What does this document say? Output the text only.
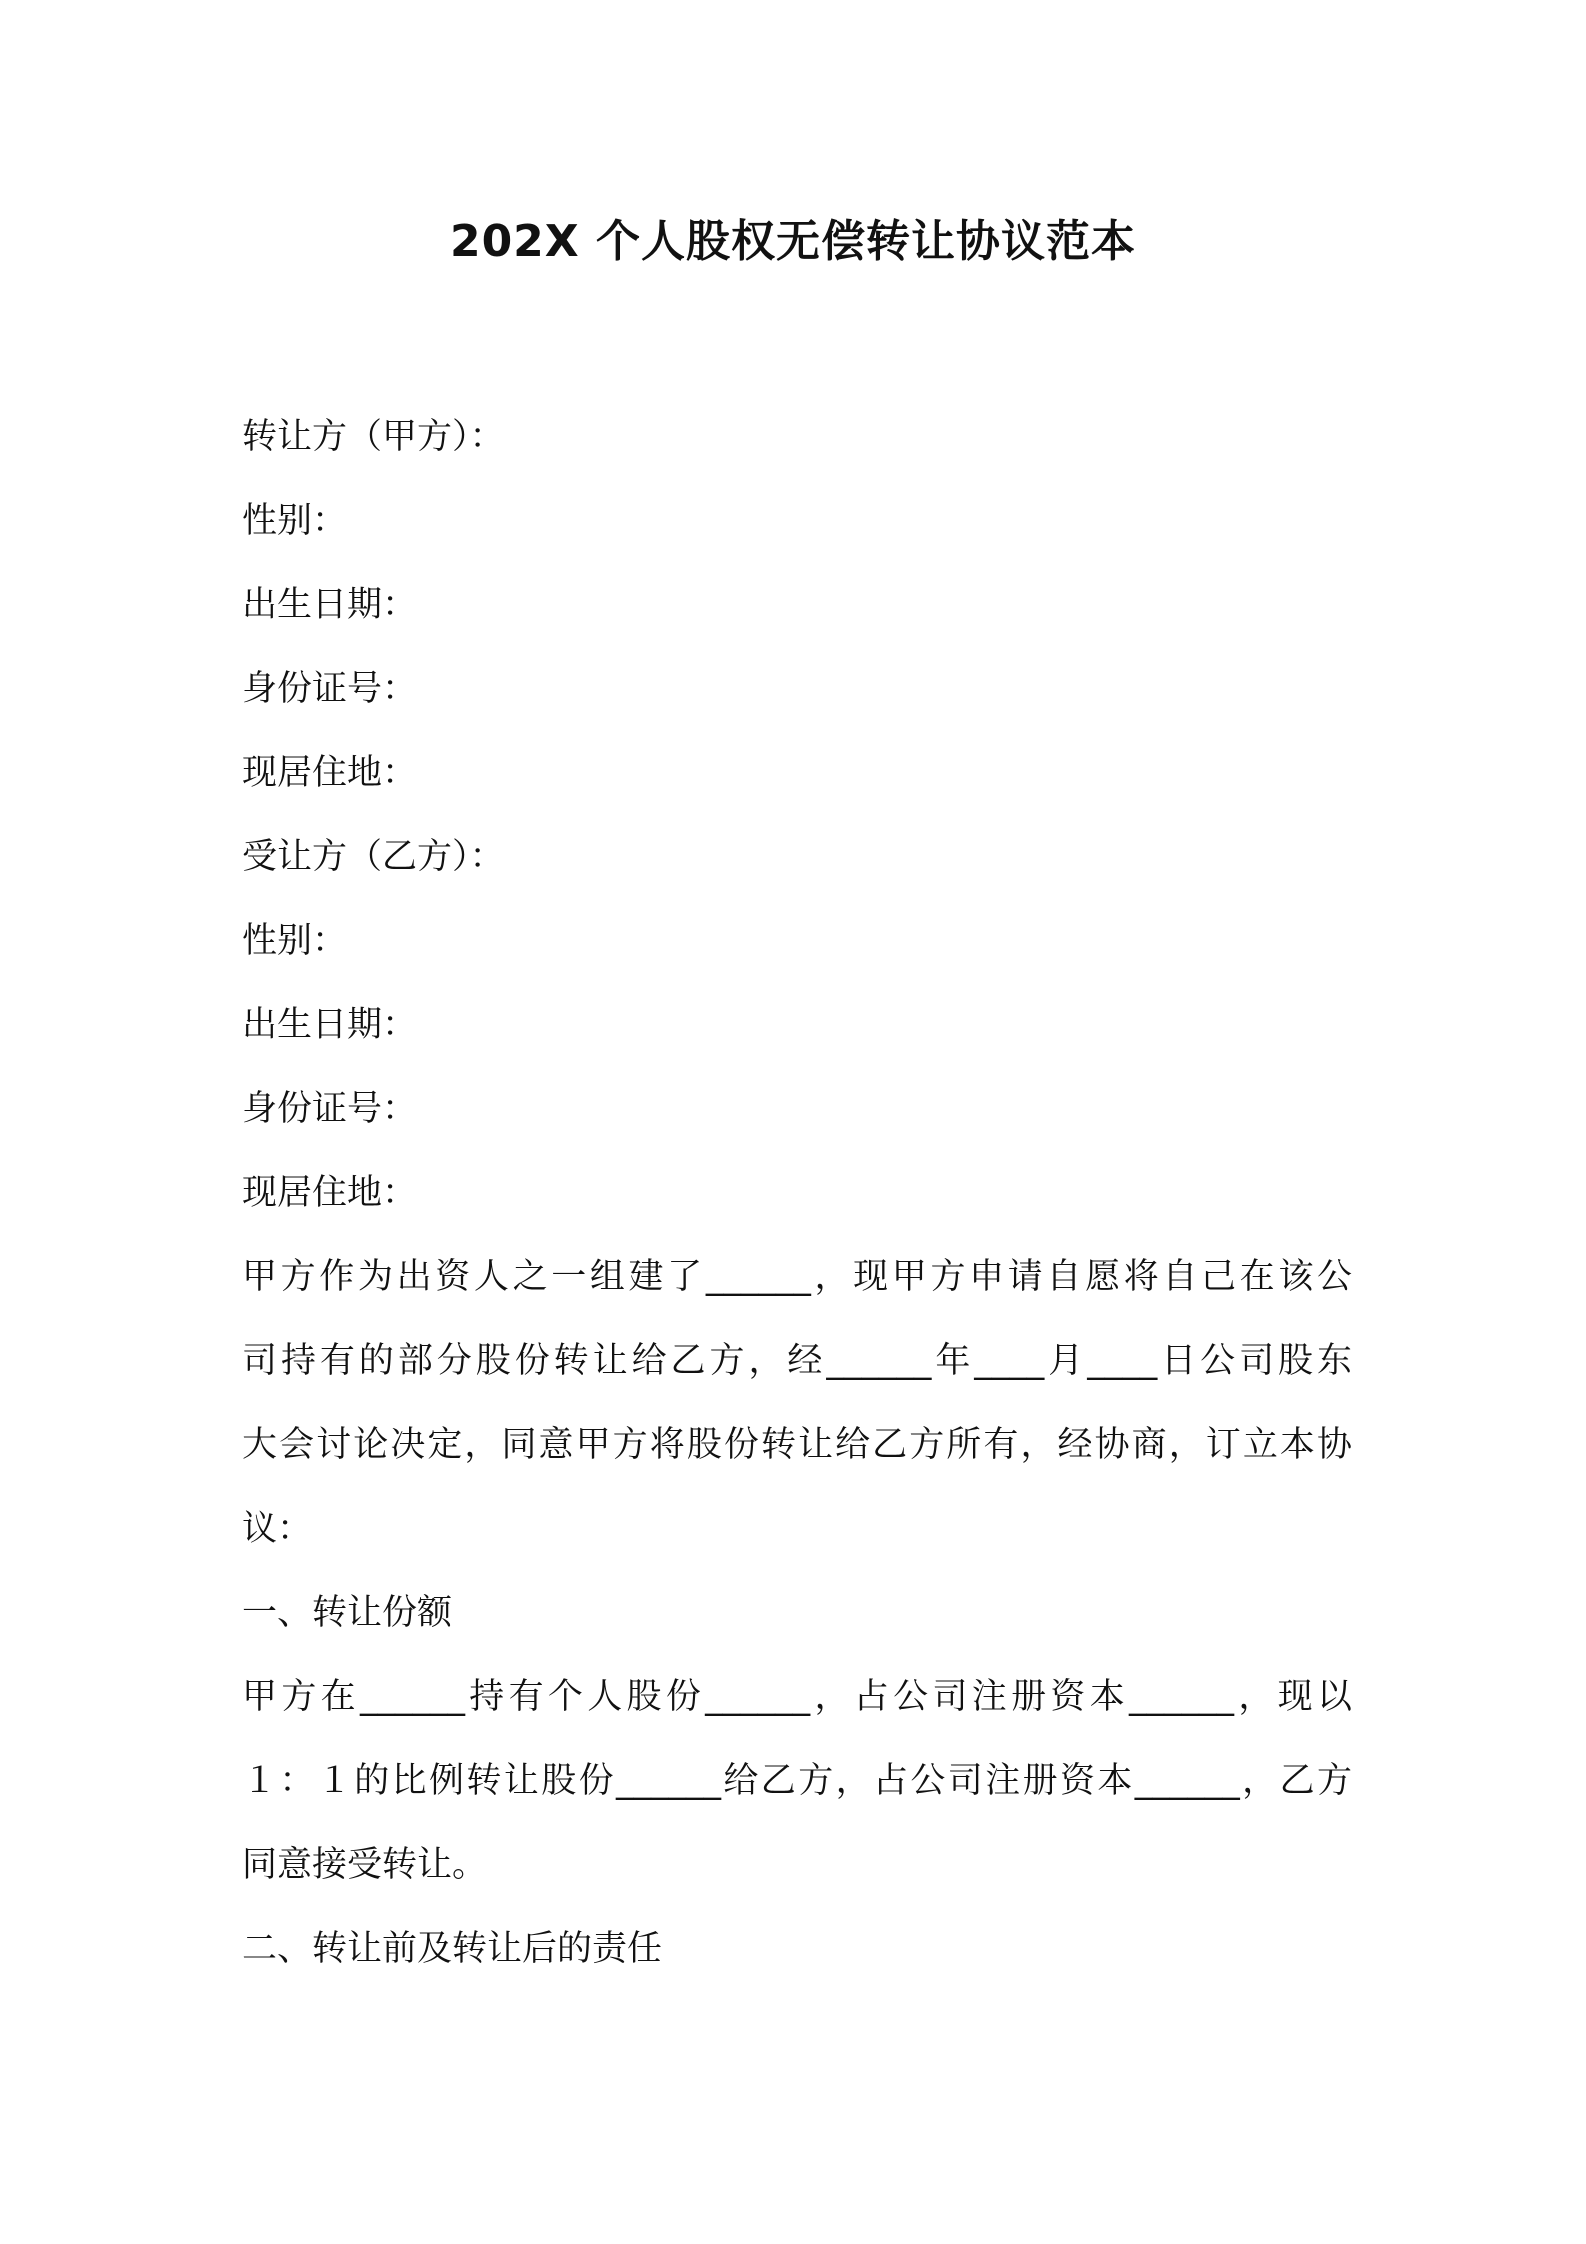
202X 个人股权无偿转让协议范本

转让方（甲方）：

性别：

出生日期：

身份证号：

现居住地：

受让方（乙方）：

性别：

出生日期：

身份证号：

现居住地：

甲方作为出资人之一组建了______，现甲方申请自愿将自己在该公
司持有的部分股份转让给乙方，经______年____月____日公司股东
大会讨论决定，同意甲方将股份转让给乙方所有，经协商，订立本协
议：

一、转让份额

甲方在______持有个人股份______，占公司注册资本______，现以
１：１的比例转让股份______给乙方，占公司注册资本______，乙方
同意接受转让。

二、转让前及转让后的责任
